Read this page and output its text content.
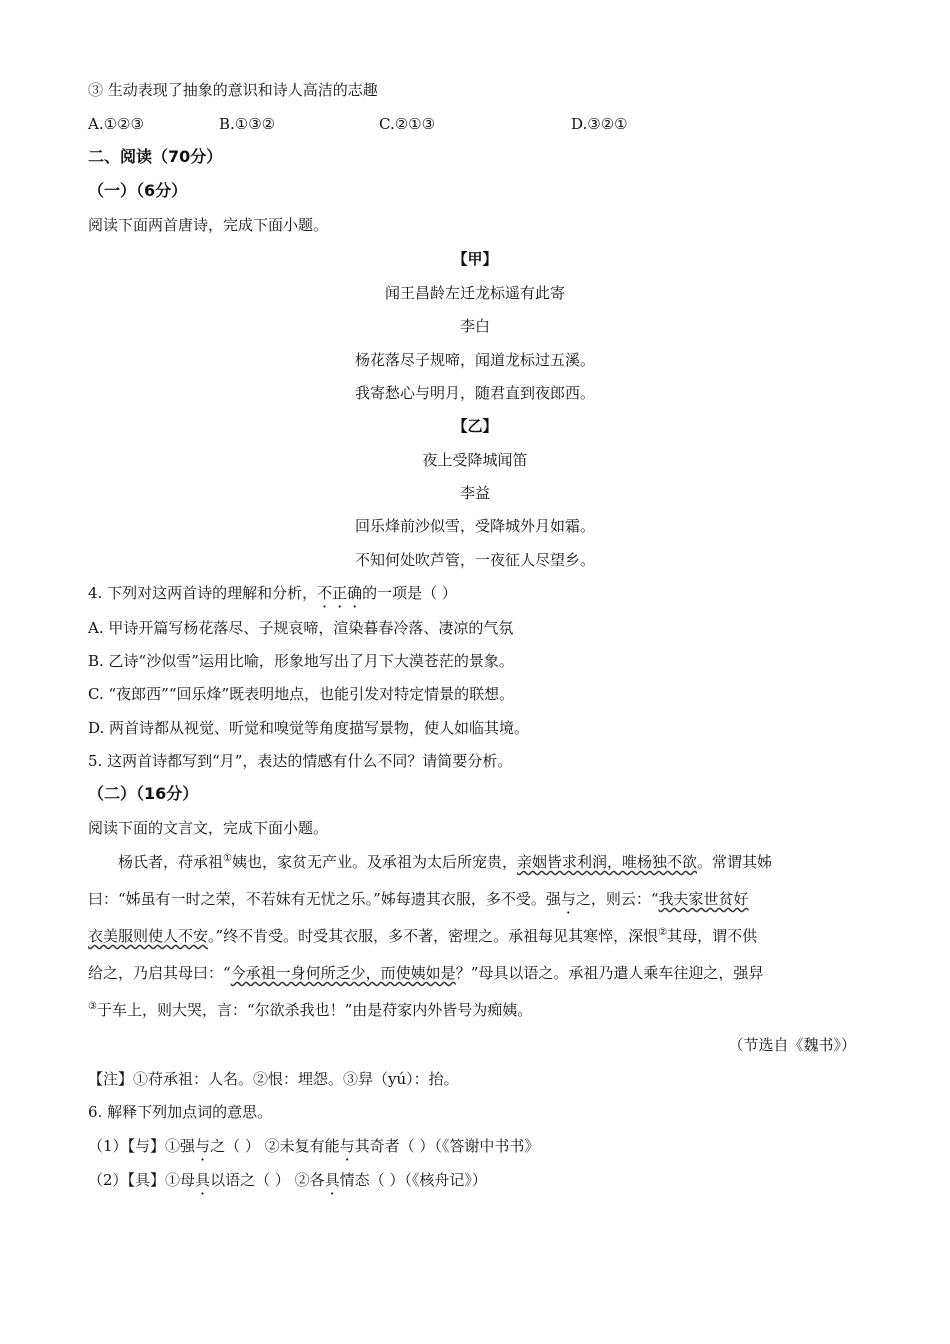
③ 生动表现了抽象的意识和诗人高洁的志趣
A.①②③	B.①③②	C.②①③	D.③②①
二、阅读（70分）
（一）（6分）
阅读下面两首唐诗，完成下面小题。
【甲】
闻王昌龄左迁龙标遥有此寄
李白
杨花落尽子规啼，闻道龙标过五溪。
我寄愁心与明月，随君直到夜郎西。
【乙】
夜上受降城闻笛
李益
回乐烽前沙似雪，受降城外月如霜。
不知何处吹芦管，一夜征人尽望乡。
4. 下列对这两首诗的理解和分析，不正确的一项是（ ）
A. 甲诗开篇写杨花落尽、子规哀啼，渲染暮春冷落、凄凉的气氛
B. 乙诗“沙似雪”运用比喻，形象地写出了月下大漠苍茫的景象。
C. “夜郎西”“回乐烽”既表明地点，也能引发对特定情景的联想。
D. 两首诗都从视觉、听觉和嗅觉等角度描写景物，使人如临其境。
5. 这两首诗都写到“月”，表达的情感有什么不同？请简要分析。
（二）（16分）
阅读下面的文言文，完成下面小题。
杨氏者，苻承祖①姨也，家贫无产业。及承祖为太后所宠贵，亲姻皆求利润，唯杨独不欲。常谓其姊
曰：“姊虽有一时之荣，不若妹有无忧之乐。”姊每遗其衣服，多不受。强与之，则云：“我夫家世贫好
衣美服则使人不安。”终不肯受。时受其衣服，多不著，密埋之。承祖每见其寒悴，深恨②其母，谓不供
给之，乃启其母曰：“今承祖一身何所乏少，而使姨如是？”母具以语之。承祖乃遣人乘车往迎之，强舁
③于车上，则大哭，言：“尔欲杀我也！”由是苻家内外皆号为痴姨。
（节选自《魏书》）
【注】①苻承祖：人名。②恨：埋怨。③舁（yú）：抬。
6. 解释下列加点词的意思。
（1）【与】①强与之（ ） ②未复有能与其奇者（ ）（《答谢中书书》
（2）【具】①母具以语之（ ） ②各具情态（ ）（《核舟记》）
